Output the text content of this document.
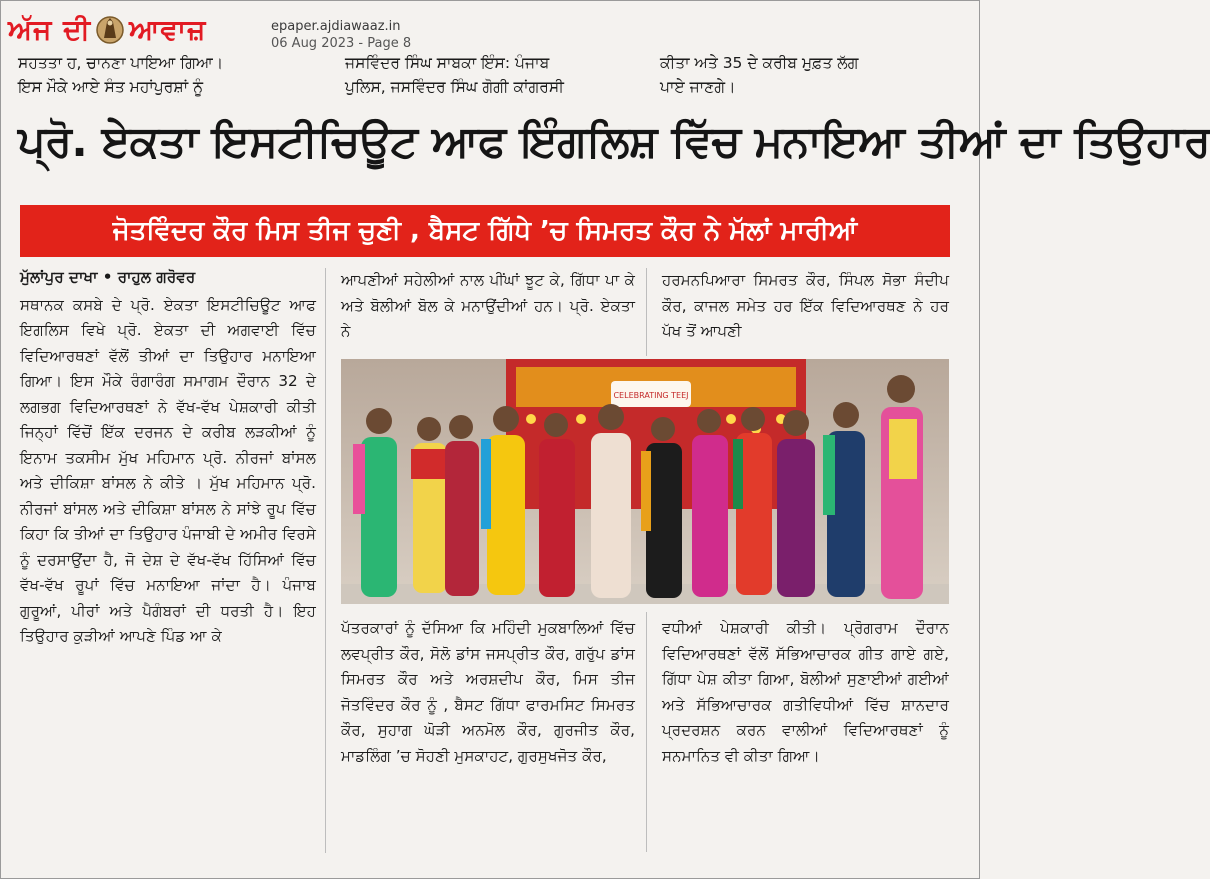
ਅੱਜ ਦੀ ਆਵਾਜ਼	epaper.ajdiawaaz.in
06 Aug 2023 - Page 8
ਸਹਤਤਾ ਹ, ਚਾਨਣਾ ਪਾਇਆ ਗਿਆ।
ਇਸ ਮੌਕੇ ਆਏ ਸੰਤ ਮਹਾਂਪੁਰਸ਼ਾਂ ਨੂੰ
ਜਸਵਿੰਦਰ ਸਿੰਘ ਸਾਬਕਾ ਇੰਸ: ਪੰਜਾਬ
ਪੁਲਿਸ, ਜਸਵਿੰਦਰ ਸਿੰਘ ਗੋਗੀ ਕਾਂਗਰਸੀ
ਕੀਤਾ ਅਤੇ 35 ਦੇ ਕਰੀਬ ਮੁਫ਼ਤ ਲੱਗ
ਪਾਏ ਜਾਣਗੇ।
ਪ੍ਰੋ. ਏਕਤਾ ਇਸਟੀਚਿਊਟ ਆਫ ਇੰਗਲਿਸ਼ ਵਿੱਚ ਮਨਾਇਆ ਤੀਆਂ ਦਾ ਤਿਉਹਾਰ
ਜੋਤਵਿੰਦਰ ਕੌਰ ਮਿਸ ਤੀਜ ਚੁਣੀ , ਬੈਸਟ ਗਿੱਧੇ ’ਚ ਸਿਮਰਤ ਕੌਰ ਨੇ ਮੱਲਾਂ ਮਾਰੀਆਂ
ਮੁੱਲਾਂਪੁਰ ਦਾਖਾ • ਰਾਹੁਲ ਗਰੋਵਰ

ਸਥਾਨਕ ਕਸਬੇ ਦੇ ਪ੍ਰੋ. ਏਕਤਾ ਇਸਟੀਚਿਊਟ ਆਫ ਇਗਲਿਸ ਵਿਖੇ ਪ੍ਰੋ. ਏਕਤਾ ਦੀ ਅਗਵਾਈ ਵਿੱਚ ਵਿਦਿਆਰਥਣਾਂ ਵੱਲੋਂ ਤੀਆਂ ਦਾ ਤਿਉਹਾਰ ਮਨਾਇਆ ਗਿਆ। ਇਸ ਮੌਕੇ ਰੰਗਾਰੰਗ ਸਮਾਗਮ ਦੌਰਾਨ 32 ਦੇ ਲਗਭਗ ਵਿਦਿਆਰਥਣਾਂ ਨੇ ਵੱਖ-ਵੱਖ ਪੇਸ਼ਕਾਰੀ ਕੀਤੀ ਜਿਨ੍ਹਾਂ ਵਿੱਚੋਂ ਇੱਕ ਦਰਜਨ ਦੇ ਕਰੀਬ ਲੜਕੀਆਂ ਨੂੰ ਇਨਾਮ ਤਕਸੀਮ ਮੁੱਖ ਮਹਿਮਾਨ ਪ੍ਰੋ. ਨੀਰਜਾਂ ਬਾਂਸਲ ਅਤੇ ਦੀਕਿਸ਼ਾ ਬਾਂਸਲ ਨੇ ਕੀਤੇ । ਮੁੱਖ ਮਹਿਮਾਨ ਪ੍ਰੋ. ਨੀਰਜਾਂ ਬਾਂਸਲ ਅਤੇ ਦੀਕਿਸ਼ਾ ਬਾਂਸਲ ਨੇ ਸਾਂਝੇ ਰੂਪ ਵਿੱਚ ਕਿਹਾ ਕਿ ਤੀਆਂ ਦਾ ਤਿਉਹਾਰ ਪੰਜਾਬੀ ਦੇ ਅਮੀਰ ਵਿਰਸੇ ਨੂੰ ਦਰਸਾਉਂਦਾ ਹੈ, ਜੋ ਦੇਸ਼ ਦੇ ਵੱਖ-ਵੱਖ ਹਿੱਸਿਆਂ ਵਿੱਚ ਵੱਖ-ਵੱਖ ਰੂਪਾਂ ਵਿੱਚ ਮਨਾਇਆ ਜਾਂਦਾ ਹੈ। ਪੰਜਾਬ ਗੁਰੂਆਂ, ਪੀਰਾਂ ਅਤੇ ਪੈਗੰਬਰਾਂ ਦੀ ਧਰਤੀ ਹੈ। ਇਹ ਤਿਉਹਾਰ ਕੁੜੀਆਂ ਆਪਣੇ ਪਿੰਡ ਆ ਕੇ

ਆਪਣੀਆਂ ਸਹੇਲੀਆਂ ਨਾਲ ਪੀਂਘਾਂ ਝੂਟ ਕੇ, ਗਿੱਧਾ ਪਾ ਕੇ ਅਤੇ ਬੋਲੀਆਂ ਬੋਲ ਕੇ ਮਨਾਉਂਦੀਆਂ ਹਨ। ਪ੍ਰੋ. ਏਕਤਾ ਨੇ

ਹਰਮਨਪਿਆਰਾ ਸਿਮਰਤ ਕੌਰ, ਸਿੰਪਲ ਸੋਭਾ ਸੰਦੀਪ ਕੌਰ, ਕਾਜਲ ਸਮੇਤ ਹਰ ਇੱਕ ਵਿਦਿਆਰਥਣ ਨੇ ਹਰ ਪੱਖ ਤੋਂ ਆਪਣੀ

CELEBRATING TEEJ

ਪੱਤਰਕਾਰਾਂ ਨੂੰ ਦੱਸਿਆ ਕਿ ਮਹਿੰਦੀ ਮੁਕਬਾਲਿਆਂ ਵਿੱਚ ਲਵਪ੍ਰੀਤ ਕੌਰ, ਸੋਲੋ ਡਾਂਸ ਜਸਪ੍ਰੀਤ ਕੌਰ, ਗਰੁੱਪ ਡਾਂਸ ਸਿਮਰਤ ਕੌਰ ਅਤੇ ਅਰਸ਼ਦੀਪ ਕੌਰ, ਮਿਸ ਤੀਜ ਜੋਤਵਿੰਦਰ ਕੌਰ ਨੂੰ , ਬੈਸਟ ਗਿੱਧਾ ਫਾਰਮਸਿਟ ਸਿਮਰਤ ਕੌਰ, ਸੁਹਾਗ ਘੋੜੀ ਅਨਮੋਲ ਕੌਰ, ਗੁਰਜੀਤ ਕੌਰ, ਮਾਡਲਿੰਗ ’ਚ ਸੋਹਣੀ ਮੁਸਕਾਹਟ, ਗੁਰਸੁਖਜੋਤ ਕੌਰ,

ਵਧੀਆਂ ਪੇਸ਼ਕਾਰੀ ਕੀਤੀ। ਪ੍ਰੋਗਰਾਮ ਦੌਰਾਨ ਵਿਦਿਆਰਥਣਾਂ ਵੱਲੋਂ ਸੱਭਿਆਚਾਰਕ ਗੀਤ ਗਾਏ ਗਏ, ਗਿੱਧਾ ਪੇਸ਼ ਕੀਤਾ ਗਿਆ, ਬੋਲੀਆਂ ਸੁਣਾਈਆਂ ਗਈਆਂ ਅਤੇ ਸੱਭਿਆਚਾਰਕ ਗਤੀਵਿਧੀਆਂ ਵਿੱਚ ਸ਼ਾਨਦਾਰ ਪ੍ਰਦਰਸ਼ਨ ਕਰਨ ਵਾਲੀਆਂ ਵਿਦਿਆਰਥਣਾਂ ਨੂੰ ਸਨਮਾਨਿਤ ਵੀ ਕੀਤਾ ਗਿਆ।
